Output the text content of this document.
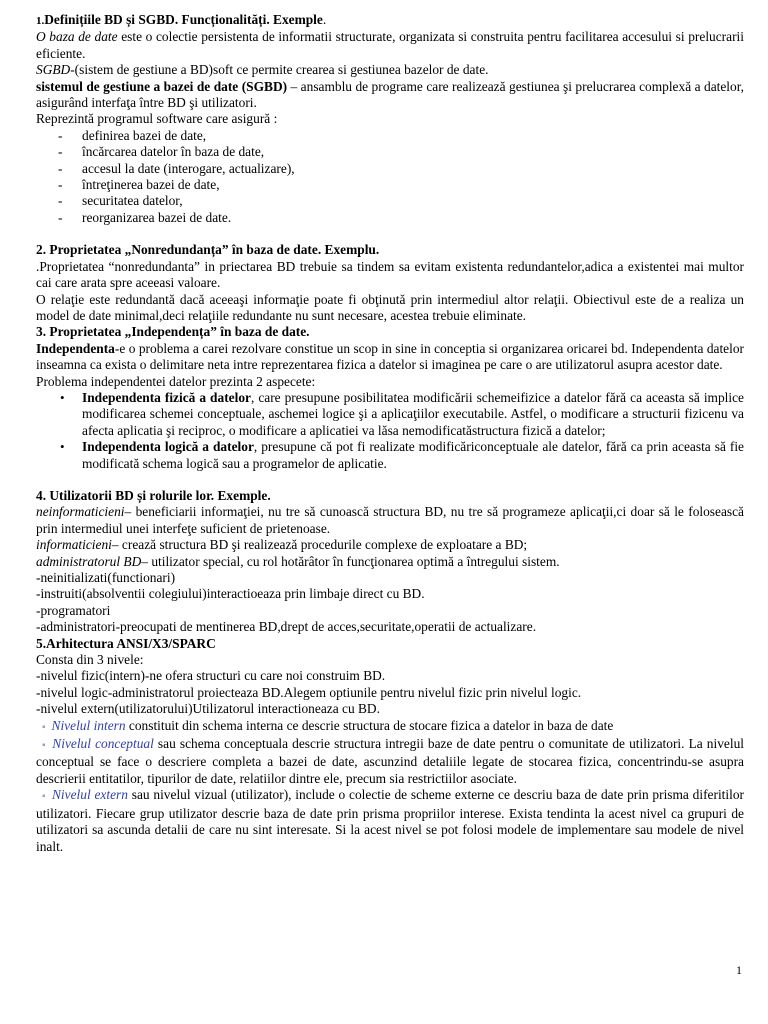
1.Definițiile BD și SGBD. Funcționalități. Exemple.

O baza de date este o colectie persistenta de informatii structurate, organizata si construita pentru facilitarea accesului si prelucrarii eficiente.

SGBD-(sistem de gestiune a BD)soft ce permite crearea si gestiunea bazelor de date.

sistemul de gestiune a bazei de date (SGBD) – ansamblu de programe care realizează gestiunea şi prelucrarea complexă a datelor, asigurând interfaţa între BD şi utilizatori.

Reprezintă programul software care asigură :

-	definirea bazei de date,
-	încărcarea datelor în baza de date,
-	accesul la date (interogare, actualizare),
-	întreţinerea bazei de date,
-	securitatea datelor,
-	reorganizarea bazei de date.

2. Proprietatea „Nonredundanța” în baza de date. Exemplu.

.Proprietatea “nonredundanta” in priectarea BD trebuie sa tindem sa evitam existenta redundantelor,adica a existentei mai multor cai care arata spre aceeasi valoare.

O relaţie este redundantă dacă aceeaşi informaţie poate fi obţinută prin intermediul altor relaţii. Obiectivul este de a realiza un model de date minimal,deci relaţiile redundante nu sunt necesare, acestea trebuie eliminate.

3. Proprietatea „Independența” în baza de date.

Independenta-e o problema a carei rezolvare constitue un scop in sine in conceptia si organizarea oricarei bd. Independenta datelor inseamna ca exista o delimitare neta intre reprezentarea fizica a datelor si imaginea pe care o are utilizatorul asupra acestor date.

Problema independentei datelor prezinta 2 aspecete:

•	Independenta fizică a datelor, care presupune posibilitatea modificării schemeifizice a datelor fără ca aceasta să implice modificarea schemei conceptuale, aschemei logice şi a aplicaţiilor executabile. Astfel, o modificare a structurii fizicenu va afecta aplicatia şi reciproc, o modificare a aplicatiei va lăsa nemodificatăstructura fizică a datelor;
•	Independenta logică a datelor, presupune că pot fi realizate modificăriconceptuale ale datelor, fără ca prin aceasta să fie modificată schema logică sau a programelor de aplicatie.

4. Utilizatorii BD și rolurile lor. Exemple.

neinformaticieni– beneficiarii informaţiei, nu tre să cunoască structura BD, nu tre să programeze aplicaţii,ci doar să le folosească prin intermediul unei interfeţe suficient de prietenoase.

informaticieni– crează structura BD şi realizează procedurile complexe de exploatare a BD;

administratorul BD– utilizator special, cu rol hotărâtor în funcţionarea optimă a întregului sistem.

-neinitializati(functionari)

-instruiti(absolventii colegiului)interactioeaza prin limbaje direct cu BD.

-programatori

-administratori-preocupati de mentinerea BD,drept de acces,securitate,operatii de actualizare.

5.Arhitectura ANSI/X3/SPARC

Consta din 3 nivele:

-nivelul fizic(intern)-ne ofera structuri cu care noi construim BD.

-nivelul logic-administratorul proiecteaza BD.Alegem optiunile pentru nivelul fizic prin nivelul logic.

-nivelul extern(utilizatorului)Utilizatorul interactioneaza cu BD.

▪ Nivelul intern constituit din schema interna ce descrie structura de stocare fizica a datelor in baza de date

▪ Nivelul conceptual sau schema conceptuala descrie structura intregii baze de date pentru o comunitate de utilizatori. La nivelul conceptual se face o descriere completa a bazei de date, ascunzind detaliile legate de stocarea fizica, concentrindu-se asupra descrierii entitatilor, tipurilor de date, relatiilor dintre ele, precum sia restrictiilor asociate.

▪ Nivelul extern sau nivelul vizual (utilizator), include o colectie de scheme externe ce descriu baza de date prin prisma diferitilor utilizatori. Fiecare grup utilizator descrie baza de date prin prisma propriilor interese. Exista tendinta la acest nivel ca grupuri de utilizatori sa ascunda detalii de care nu sint interesate. Si la acest nivel se pot folosi modele de implementare sau modele de nivel inalt.

1
